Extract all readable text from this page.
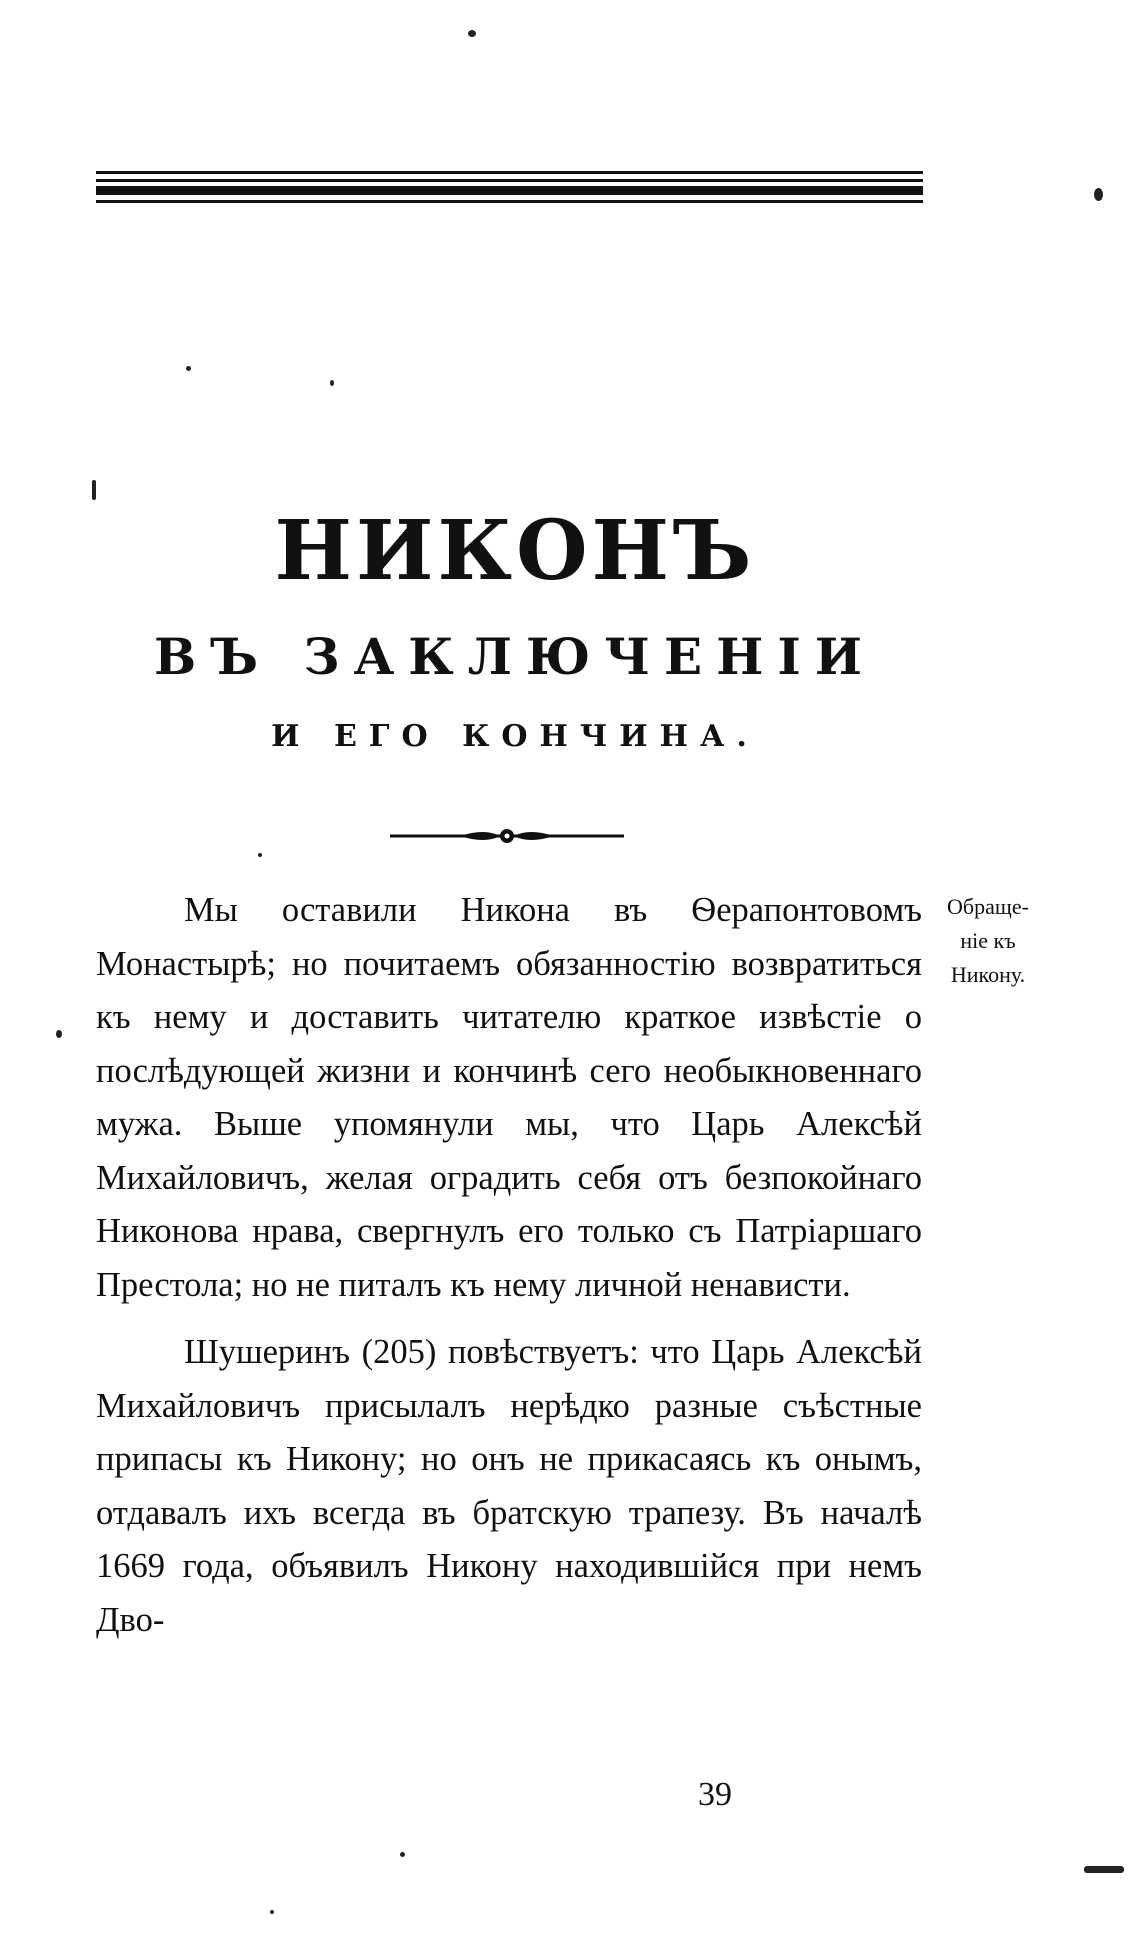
НИКОНЪ
ВЪ ЗАКЛЮЧЕНІИ
И ЕГО КОНЧИНА.

Мы оставили Никона въ Ѳерапонтовомъ Монастырѣ; но почитаемъ обязанностію возвратиться къ нему и доставить читателю краткое извѣстіе о послѣдующей жизни и кончинѣ сего необыкновеннаго мужа. Выше упомянули мы, что Царь Алексѣй Михайловичъ, желая оградить себя отъ безпокойнаго Никонова нрава, свергнулъ его только съ Патріаршаго Престола; но не питалъ къ нему личной ненависти.

Шушеринъ (205) повѣствуетъ: что Царь Алексѣй Михайловичъ присылалъ нерѣдко разные съѣстные припасы къ Никону; но онъ не прикасаясь къ онымъ, отдавалъ ихъ всегда въ братскую трапезу. Въ началѣ 1669 года, объявилъ Никону находившійся при немъ Дво-

Обраще-
ніе къ
Никону.
39
